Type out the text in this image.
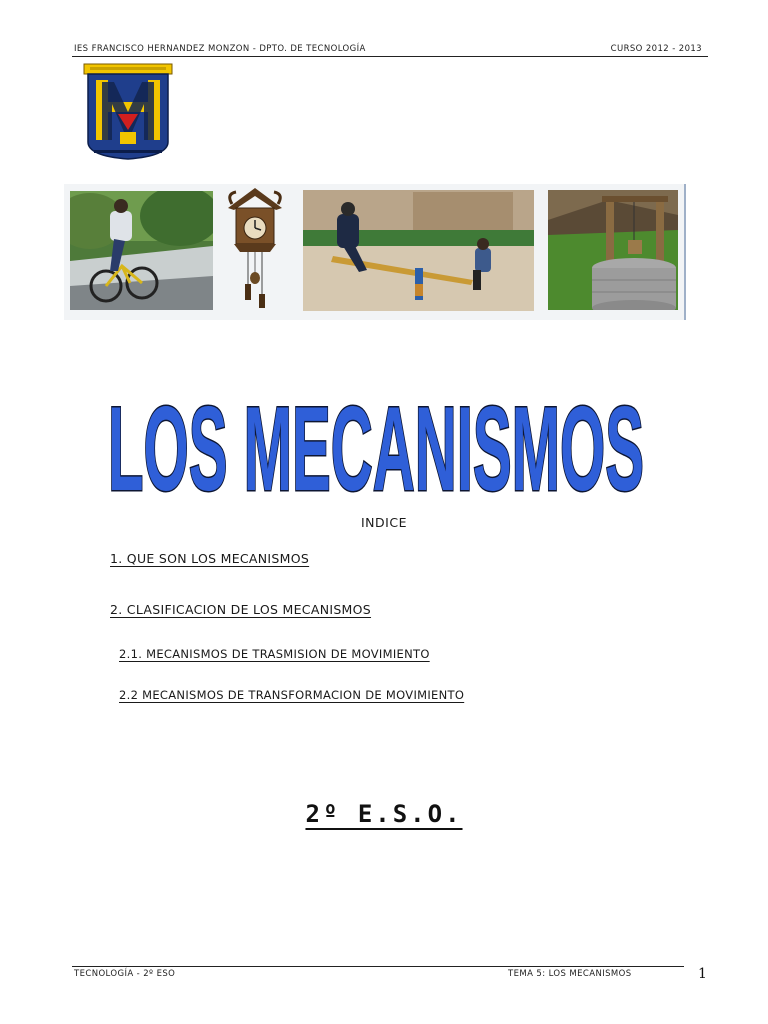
IES FRANCISCO HERNANDEZ MONZON - DPTO. DE TECNOLOGÍA	CURSO 2012 - 2013
LOS MECANISMOS
INDICE
1. QUE SON LOS MECANISMOS
2. CLASIFICACION DE LOS MECANISMOS
2.1. MECANISMOS DE TRASMISION DE MOVIMIENTO
2.2 MECANISMOS DE TRANSFORMACION DE MOVIMIENTO
2º E.S.O.
TECNOLOGÍA - 2º ESO	TEMA 5: LOS MECANISMOS	1
